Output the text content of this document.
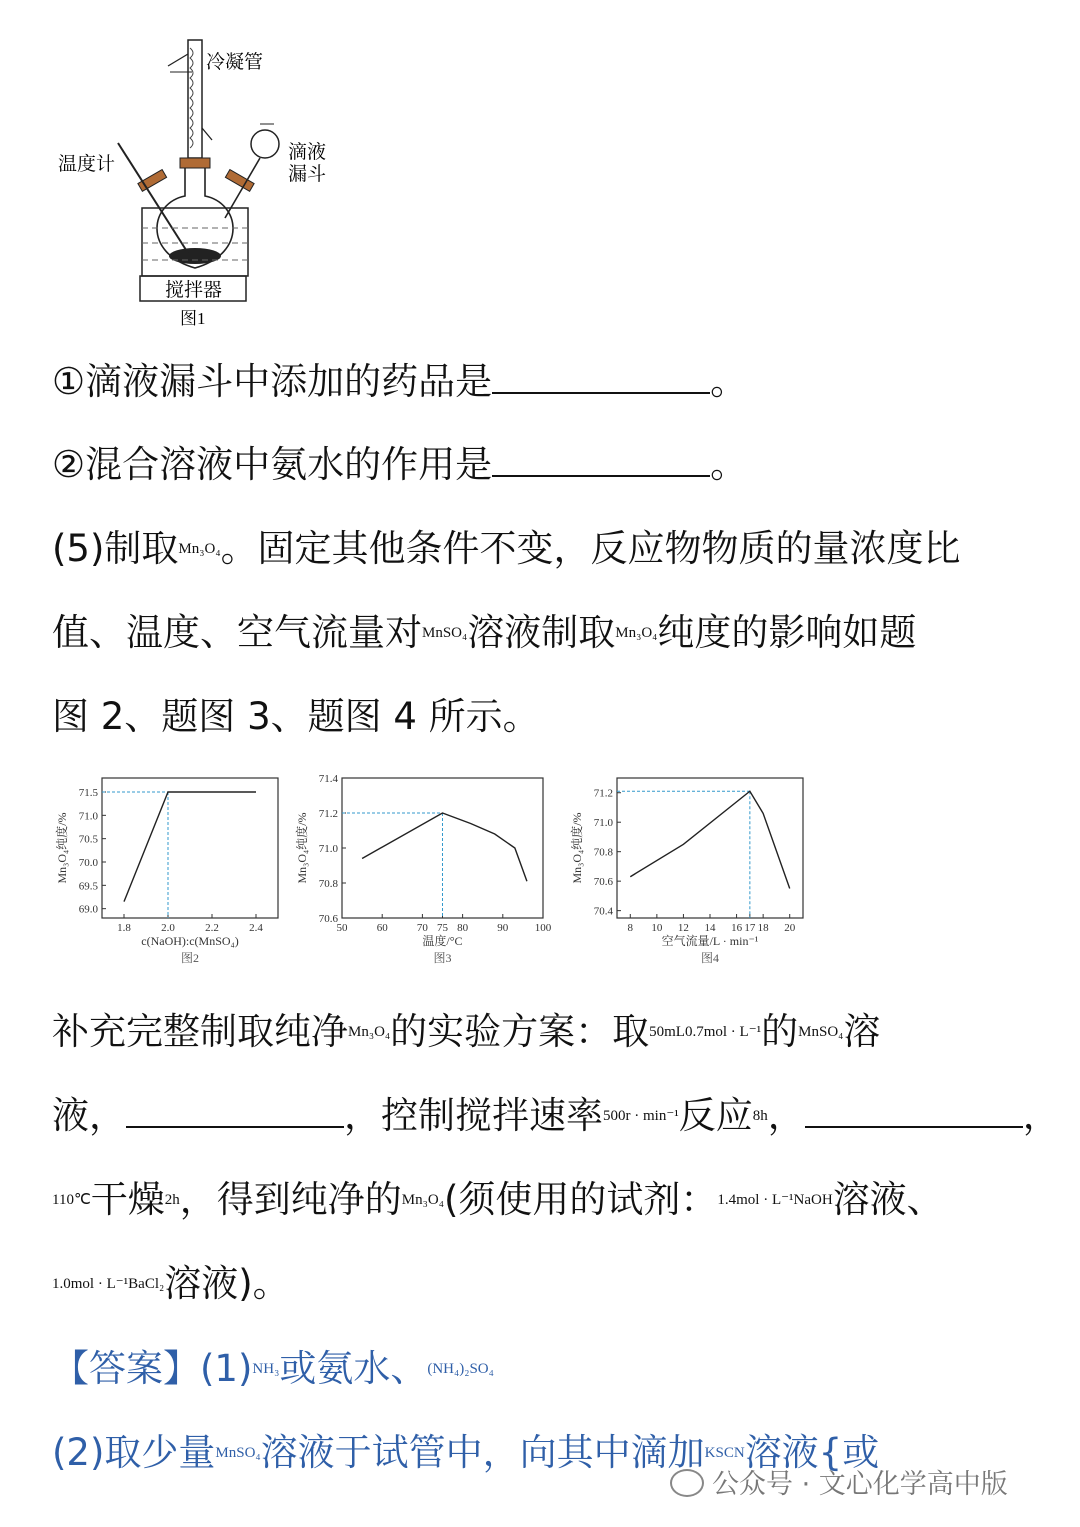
冷凝管
温度计
滴液
漏斗
搅拌器
图1
①滴液漏斗中添加的药品是	。
②混合溶液中氨水的作用是	。
(5)制取$^{Mn_3O_4}$。固定其他条件不变，反应物物质的量浓度比
值、温度、空气流量对$^{MnSO_4}$溶液制取$^{Mn_3O_4}$纯度的影响如题
图 2、题图 3、题图 4 所示。
1.8	2.0	2.2	2.4
69.0
69.5
70.0
70.5
71.0
71.5
c(NaOH):c(MnSO₄)
Mn₃O₄纯度/%
图2
50	60	70 75 80	90 100
70.6
70.8
71.0
71.2
71.4
温度/°C
Mn₃O₄纯度/%
图3
8 10 12 14 16 17 18 20
70.4
70.6
70.8
71.0
71.2
空气流量/L · min⁻¹
Mn₃O₄纯度/%
图4
补充完整制取纯净$^{Mn_3O_4}$的实验方案：取$^{50mL0.7mol \cdot L^{-1}}$的$^{MnSO_4}$溶
液，	，控制搅拌速率$^{500r \cdot min^{-1}}$反应$^{8h}$，	，
$^{110℃}$干燥$^{2h}$，得到纯净的$^{Mn_3O_4}$(须使用的试剂：$^{1.4mol \cdot L^{-1}NaOH}$溶液、
$^{1.0mol \cdot L^{-1}BaCl_2}$溶液)。
【答案】$(1)^{NH_3}$或氨水、$^{(NH_4)_2SO_4}$
(2)取少量$^{MnSO_4}$溶液于试管中，向其中滴加$^{KSCN}$溶液{或
公众号 · 文心化学高中版
